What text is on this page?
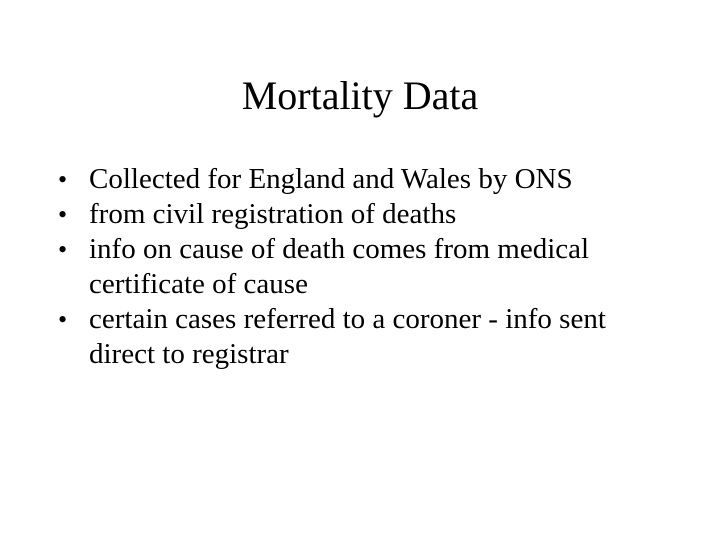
Mortality Data
• Collected for England and Wales by ONS
• from civil registration of deaths
• info on cause of death comes from medical certificate of cause
• certain cases referred to a coroner - info sent direct to registrar
